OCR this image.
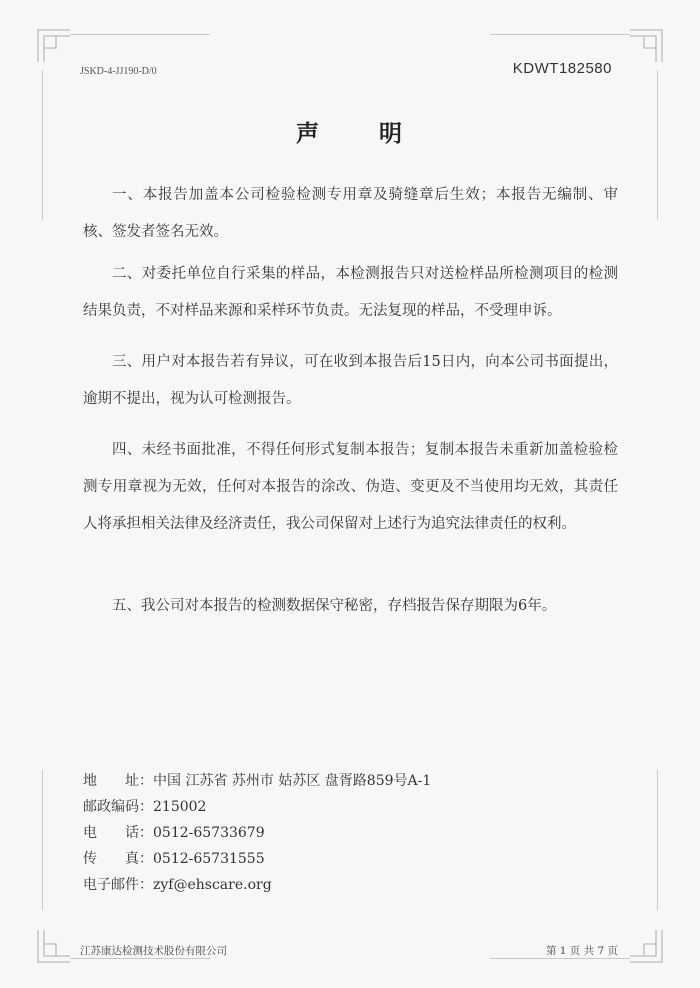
JSKD-4-JJ190-D/0	KDWT182580
声	明

一、本报告加盖本公司检验检测专用章及骑缝章后生效；本报告无编制、审核、签发者签名无效。

二、对委托单位自行采集的样品，本检测报告只对送检样品所检测项目的检测结果负责，不对样品来源和采样环节负责。无法复现的样品，不受理申诉。

三、用户对本报告若有异议，可在收到本报告后15日内，向本公司书面提出，逾期不提出，视为认可检测报告。

四、未经书面批准，不得任何形式复制本报告；复制本报告未重新加盖检验检测专用章视为无效，任何对本报告的涂改、伪造、变更及不当使用均无效，其责任人将承担相关法律及经济责任，我公司保留对上述行为追究法律责任的权利。

五、我公司对本报告的检测数据保守秘密，存档报告保存期限为6年。

地　　址：中国 江苏省 苏州市 姑苏区 盘胥路859号A-1
邮政编码：215002
电　　话：0512-65733679
传　　真：0512-65731555
电子邮件：zyf@ehscare.org
江苏康达检测技术股份有限公司	第 1 页 共 7 页
